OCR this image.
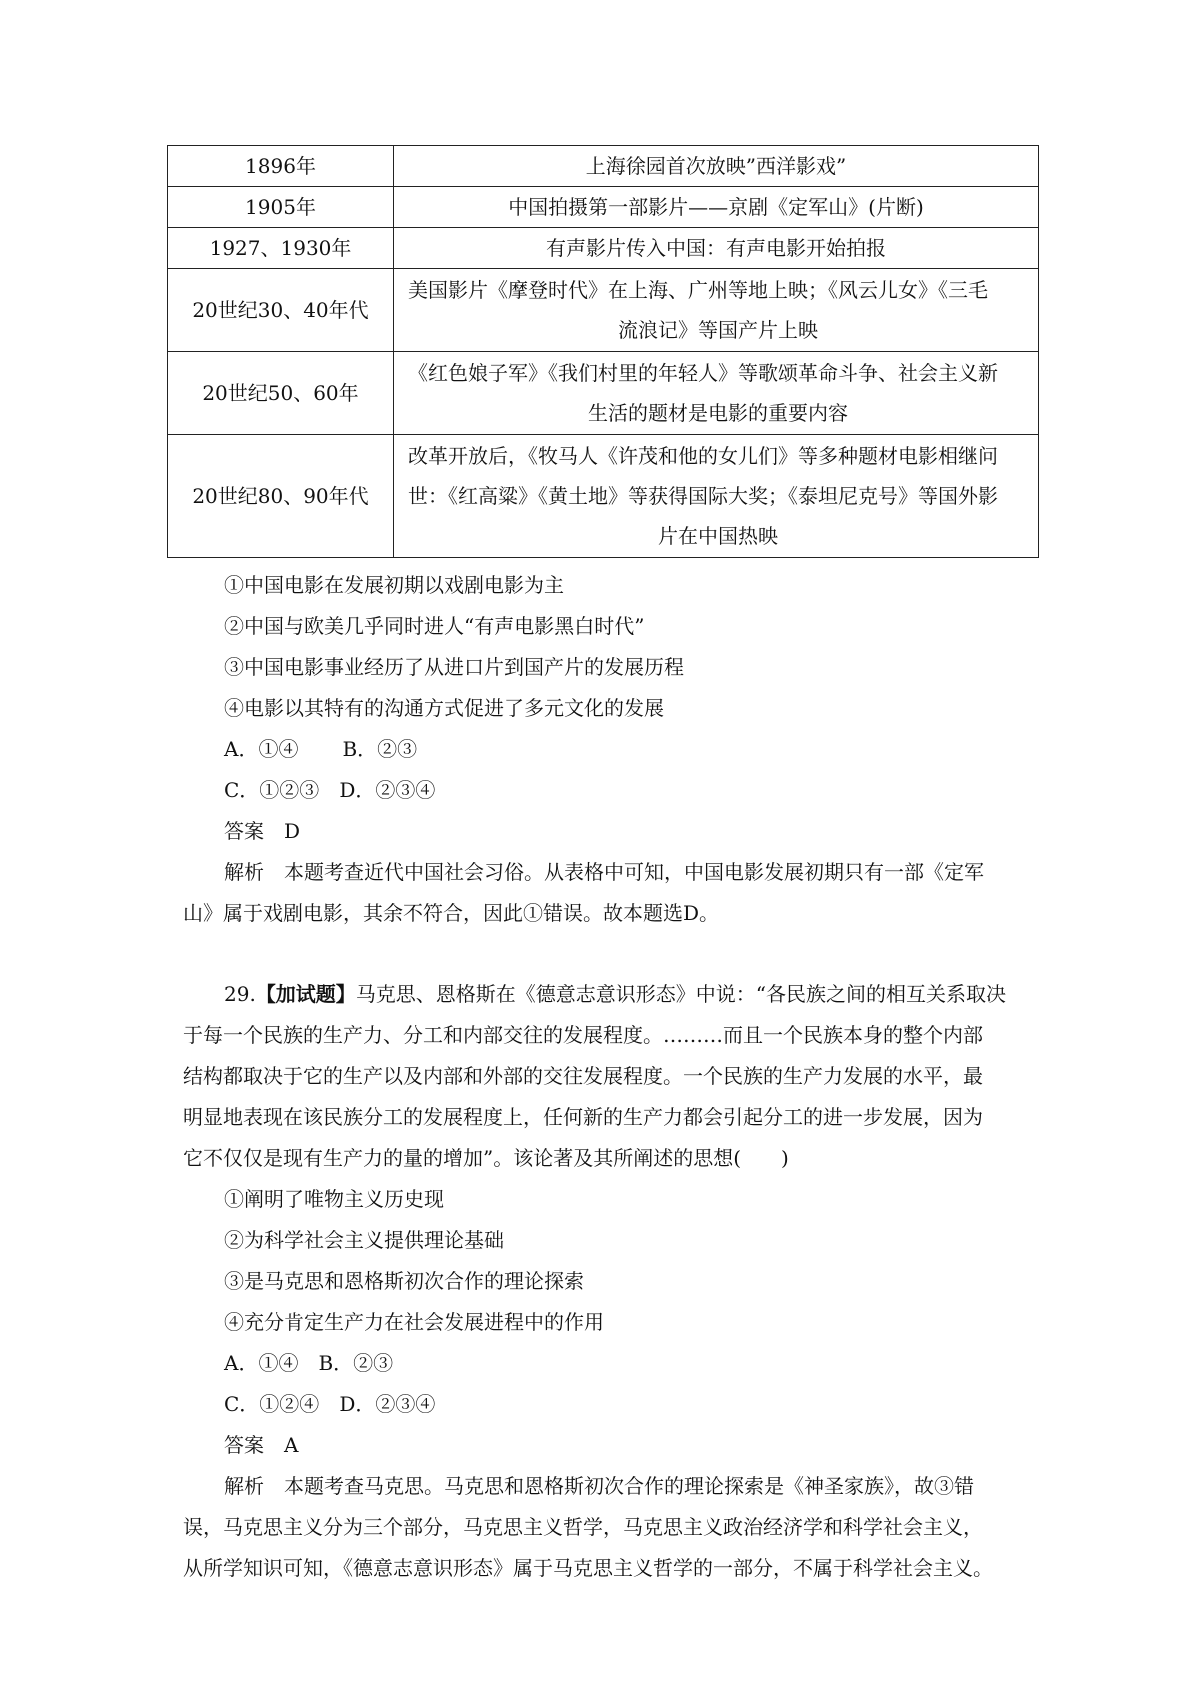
1896年	上海徐园首次放映”西洋影戏”
1905年	中国拍摄第一部影片——京剧《定军山》(片断)
1927、1930年	有声影片传入中国：有声电影开始拍报
20世纪30、40年代	美国影片《摩登时代》在上海、广州等地上映；《风云儿女》《三毛
流浪记》等国产片上映

20世纪50、60年	《红色娘子军》《我们村里的年轻人》等歌颂革命斗争、社会主义新
生活的题材是电影的重要内容

20世纪80、90年代	改革开放后，《牧马人《许茂和他的女儿们》等多种题材电影相继问
世：《红高粱》《黄土地》等获得国际大奖；《泰坦尼克号》等国外影
片在中国热映
①中国电影在发展初期以戏剧电影为主
②中国与欧美几乎同时进人“有声电影黑白时代”
③中国电影事业经历了从进口片到国产片的发展历程
④电影以其特有的沟通方式促进了多元文化的发展
A．①④ B．②③
C．①②③ D．②③④
答案 D
解析 本题考查近代中国社会习俗。从表格中可知，中国电影发展初期只有一部《定军
山》属于戏剧电影，其余不符合，因此①错误。故本题选D。
29.【加试题】马克思、恩格斯在《德意志意识形态》中说：“各民族之间的相互关系取决
于每一个民族的生产力、分工和内部交往的发展程度。………而且一个民族本身的整个内部
结构都取决于它的生产以及内部和外部的交往发展程度。一个民族的生产力发展的水平，最
明显地表现在该民族分工的发展程度上，任何新的生产力都会引起分工的进一步发展，因为
它不仅仅是现有生产力的量的增加”。该论著及其所阐述的思想(　　)
①阐明了唯物主义历史现
②为科学社会主义提供理论基础
③是马克思和恩格斯初次合作的理论探索
④充分肯定生产力在社会发展进程中的作用
A．①④ B．②③
C．①②④ D．②③④
答案 A
解析 本题考查马克思。马克思和恩格斯初次合作的理论探索是《神圣家族》，故③错
误，马克思主义分为三个部分，马克思主义哲学，马克思主义政治经济学和科学社会主义，
从所学知识可知，《德意志意识形态》属于马克思主义哲学的一部分，不属于科学社会主义。
